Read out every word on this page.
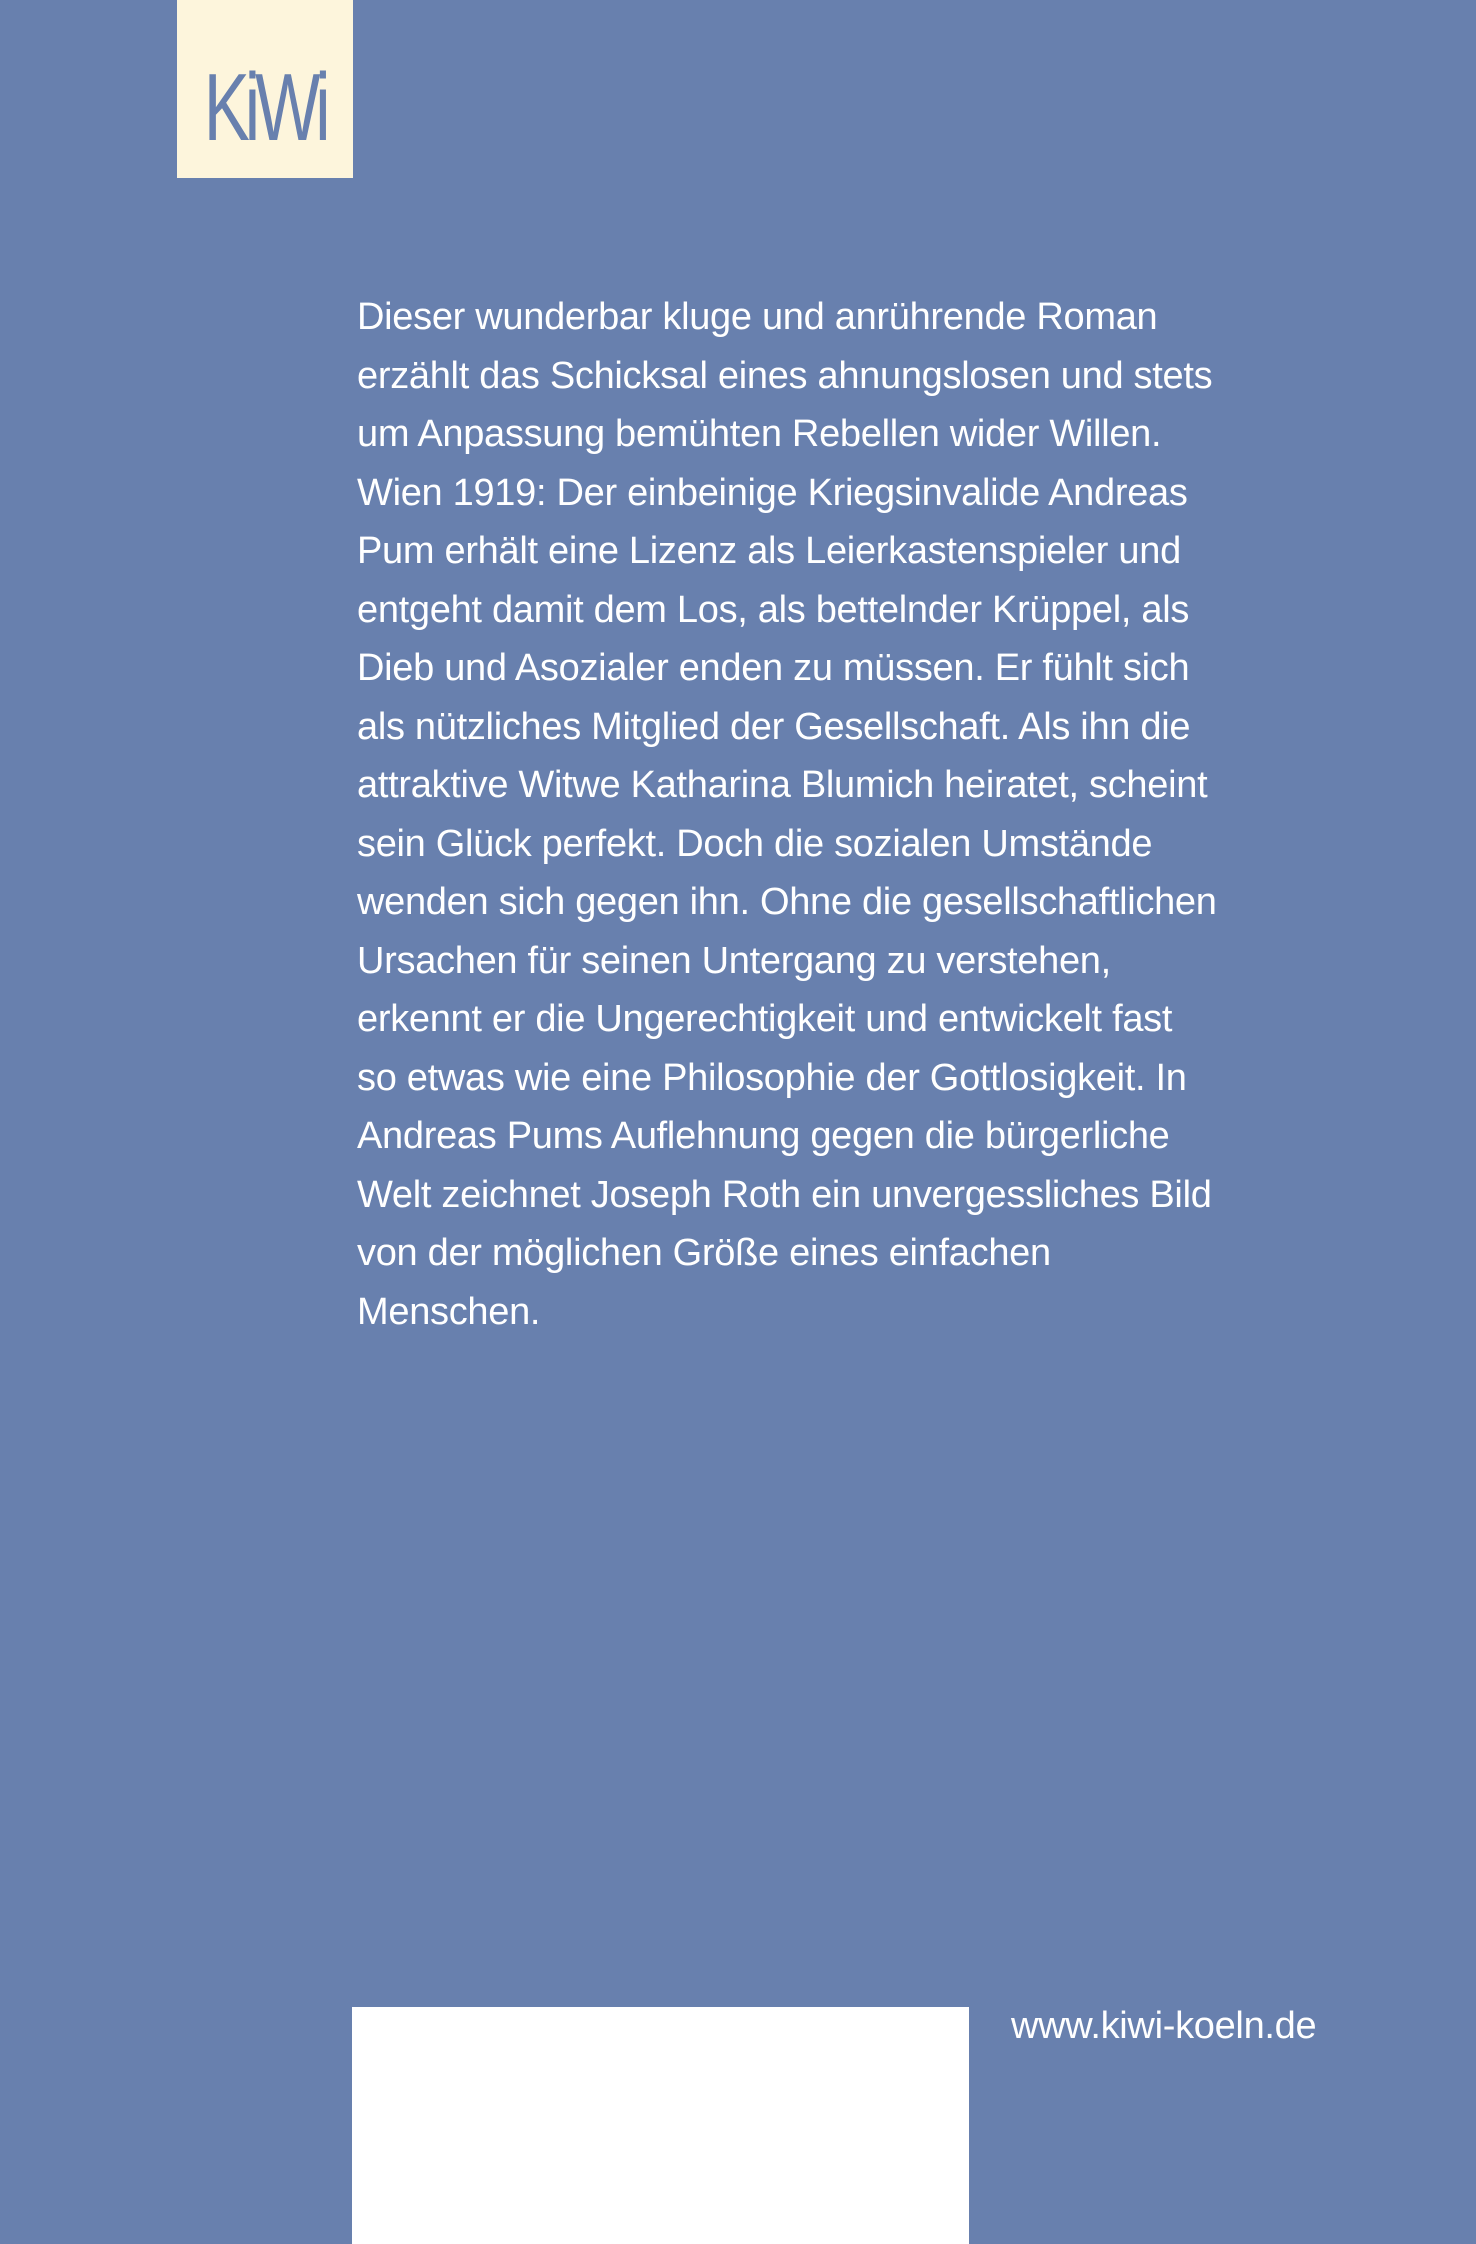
KiWi
Dieser wunderbar kluge und anrührende Roman
erzählt das Schicksal eines ahnungslosen und stets
um Anpassung bemühten Rebellen wider Willen.
Wien 1919: Der einbeinige Kriegsinvalide Andreas
Pum erhält eine Lizenz als Leierkastenspieler und
entgeht damit dem Los, als bettelnder Krüppel, als
Dieb und Asozialer enden zu müssen. Er fühlt sich
als nützliches Mitglied der Gesellschaft. Als ihn die
attraktive Witwe Katharina Blumich heiratet, scheint
sein Glück perfekt. Doch die sozialen Umstände
wenden sich gegen ihn. Ohne die gesellschaftlichen
Ursachen für seinen Untergang zu verstehen,
erkennt er die Ungerechtigkeit und entwickelt fast
so etwas wie eine Philosophie der Gottlosigkeit. In
Andreas Pums Auflehnung gegen die bürgerliche
Welt zeichnet Joseph Roth ein unvergessliches Bild
von der möglichen Größe eines einfachen
Menschen.
www.kiwi-koeln.de
